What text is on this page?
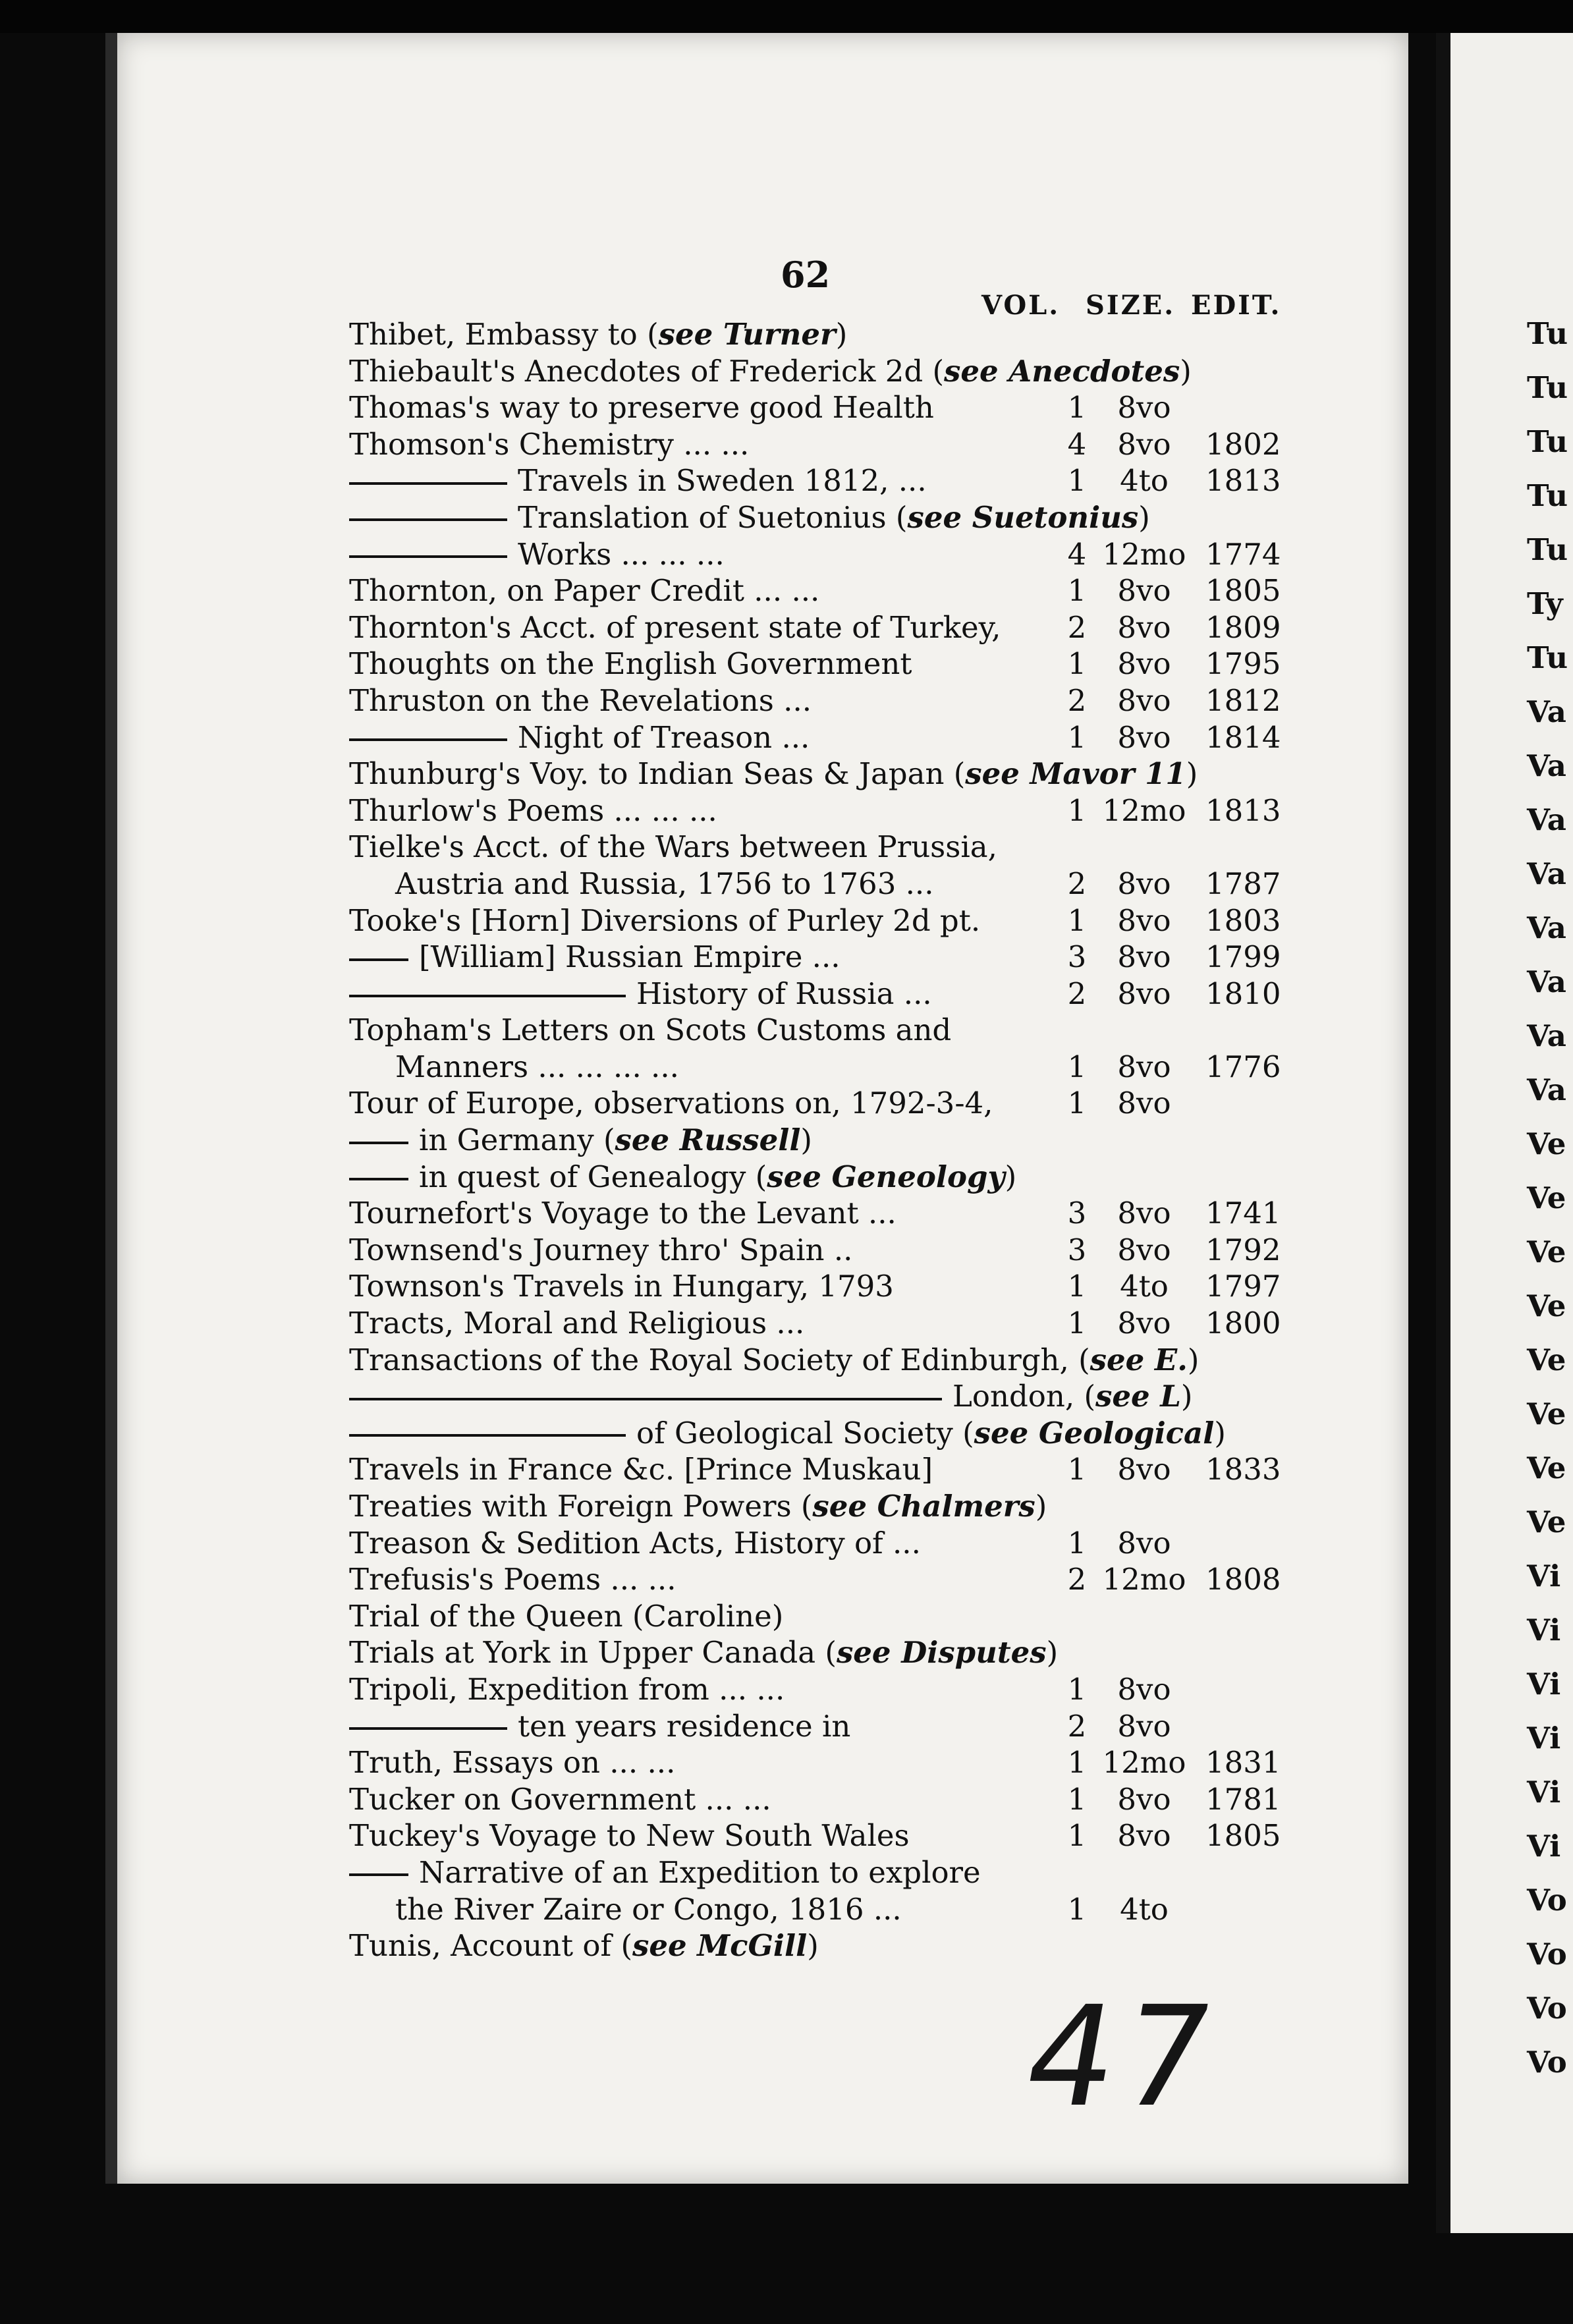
62
VOL. SIZE. EDIT.
Thibet, Embassy to (see Turner)
Thiebault's Anecdotes of Frederick 2d (see Anecdotes)
Thomas's way to preserve good Health	1	8vo
Thomson's Chemistry ... ...	4	8vo	1802
Travels in Sweden 1812, ...	1	4to	1813
Translation of Suetonius (see Suetonius)
Works ... ... ...	4 12mo 1774
Thornton, on Paper Credit ... ...	1	8vo	1805
Thornton's Acct. of present state of Turkey, 2	8vo	1809
Thoughts on the English Government	1	8vo	1795
Thruston on the Revelations ...	2	8vo	1812
Night of Treason ...	1	8vo	1814
Thunburg's Voy. to Indian Seas & Japan (see Mavor 11)
Thurlow's Poems ... ... ...	1 12mo 1813
Tielke's Acct. of the Wars between Prussia,
Austria and Russia, 1756 to 1763 ...	2	8vo	1787
Tooke's [Horn] Diversions of Purley 2d pt.	1	8vo	1803
[William] Russian Empire ...	3	8vo	1799
History of Russia ...	2	8vo	1810
Topham's Letters on Scots Customs and
Manners ... ... ... ...	1	8vo	1776
Tour of Europe, observations on, 1792-3-4,	1	8vo
in Germany (see Russell)
in quest of Genealogy (see Geneology)
Tournefort's Voyage to the Levant ...	3	8vo	1741
Townsend's Journey thro' Spain ..	3	8vo	1792
Townson's Travels in Hungary, 1793	1	4to	1797
Tracts, Moral and Religious ...	1	8vo	1800
Transactions of the Royal Society of Edinburgh, (see E.)
London, (see L)
of Geological Society (see Geological)
Travels in France &c. [Prince Muskau]	1	8vo	1833
Treaties with Foreign Powers (see Chalmers)
Treason & Sedition Acts, History of ...	1	8vo
Trefusis's Poems ... ...	2 12mo 1808
Trial of the Queen (Caroline)
Trials at York in Upper Canada (see Disputes)
Tripoli, Expedition from ... ...	1	8vo
ten years residence in	2	8vo
Truth, Essays on ... ...	1 12mo 1831
Tucker on Government ... ...	1	8vo	1781
Tuckey's Voyage to New South Wales	1	8vo	1805
Narrative of an Expedition to explore
the River Zaire or Congo, 1816 ...	1	4to
Tunis, Account of (see McGill)
Tu
Tu
Tu
Tu
Tu
Ty
Tu
Va
Va
Va
Va
Va
Va
Va
Va
Ve
Ve
Ve
Ve
Ve
Ve
Ve
Ve
Vi
Vi
Vi
Vi
Vi
Vi
Vo
Vo
Vo
Vo
47
